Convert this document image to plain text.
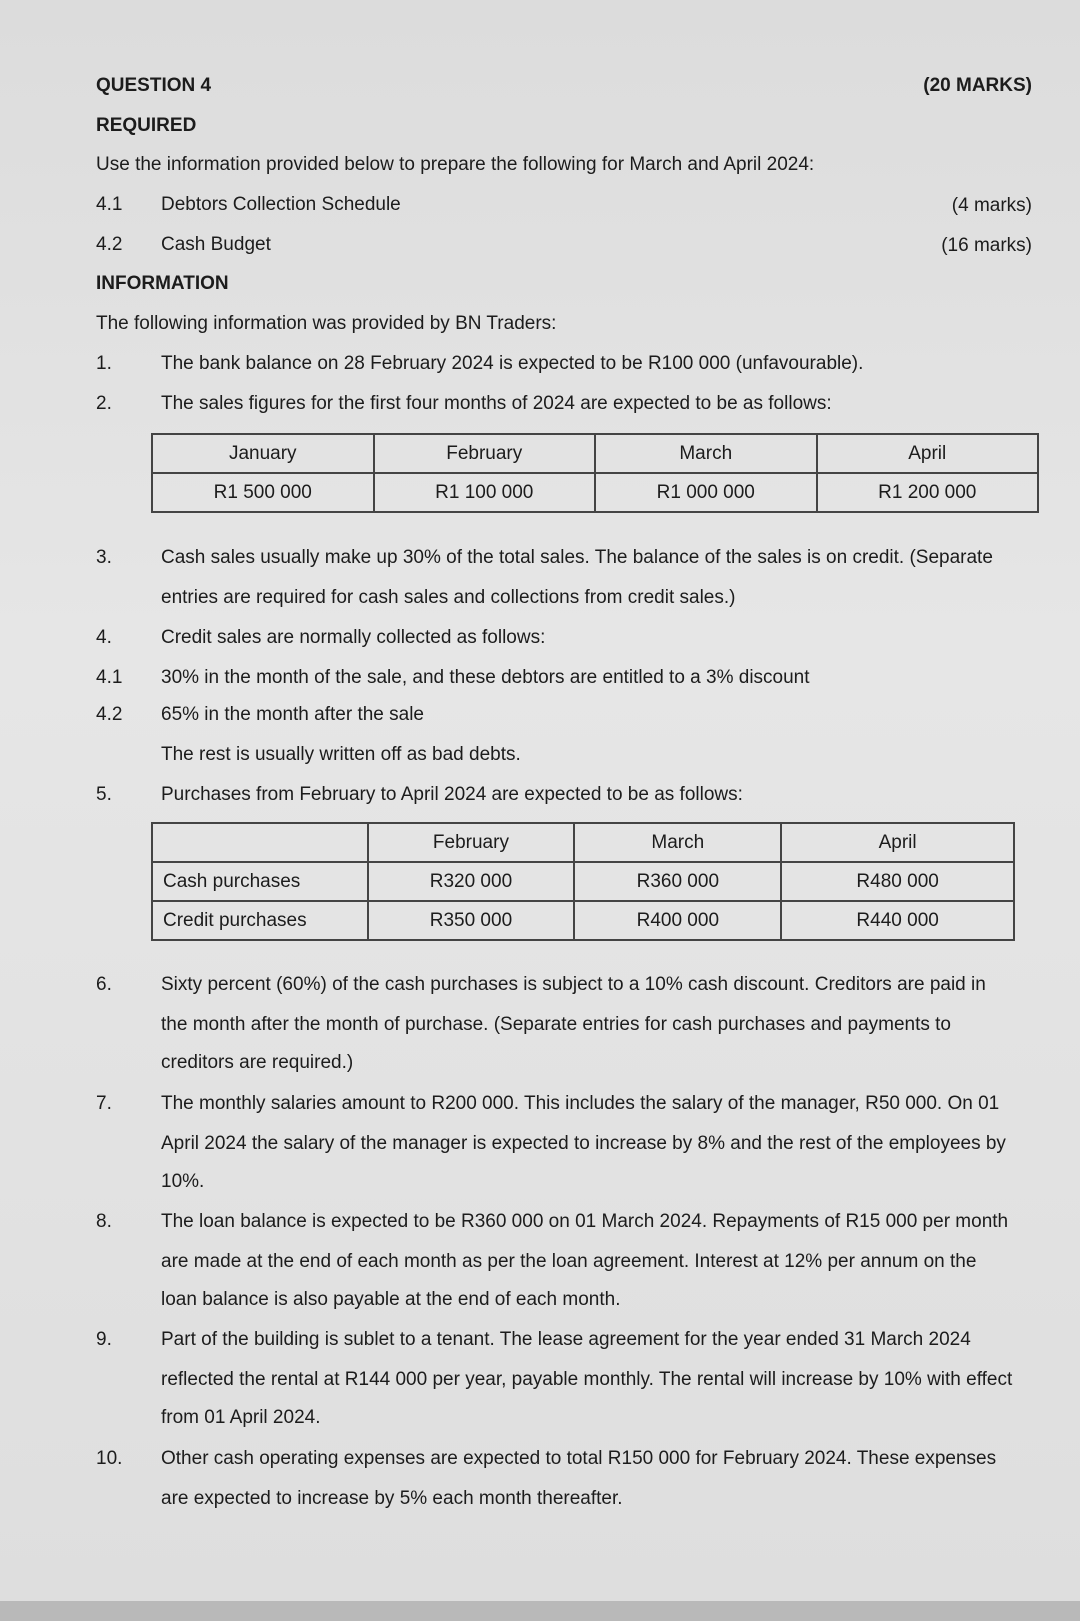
QUESTION 4	(20 MARKS)
REQUIRED
Use the information provided below to prepare the following for March and April 2024:
4.1 Debtors Collection Schedule	(4 marks)
4.2 Cash Budget	(16 marks)
INFORMATION
The following information was provided by BN Traders:
1.	The bank balance on 28 February 2024 is expected to be R100 000 (unfavourable).
2.	The sales figures for the first four months of 2024 are expected to be as follows:
January	February	March	April
R1 500 000	R1 100 000	R1 000 000	R1 200 000
3.	Cash sales usually make up 30% of the total sales. The balance of the sales is on credit. (Separate
entries are required for cash sales and collections from credit sales.)
4.	Credit sales are normally collected as follows:
4.1 30% in the month of the sale, and these debtors are entitled to a 3% discount
4.2 65% in the month after the sale
The rest is usually written off as bad debts.
5.	Purchases from February to April 2024 are expected to be as follows:
	February	March	April
Cash purchases	R320 000	R360 000	R480 000
Credit purchases	R350 000	R400 000	R440 000
6.	Sixty percent (60%) of the cash purchases is subject to a 10% cash discount. Creditors are paid in
the month after the month of purchase. (Separate entries for cash purchases and payments to
creditors are required.)
7.	The monthly salaries amount to R200 000. This includes the salary of the manager, R50 000. On 01
April 2024 the salary of the manager is expected to increase by 8% and the rest of the employees by
10%.
8.	The loan balance is expected to be R360 000 on 01 March 2024. Repayments of R15 000 per month
are made at the end of each month as per the loan agreement. Interest at 12% per annum on the
loan balance is also payable at the end of each month.
9.	Part of the building is sublet to a tenant. The lease agreement for the year ended 31 March 2024
reflected the rental at R144 000 per year, payable monthly. The rental will increase by 10% with effect
from 01 April 2024.
10. Other cash operating expenses are expected to total R150 000 for February 2024. These expenses
are expected to increase by 5% each month thereafter.
